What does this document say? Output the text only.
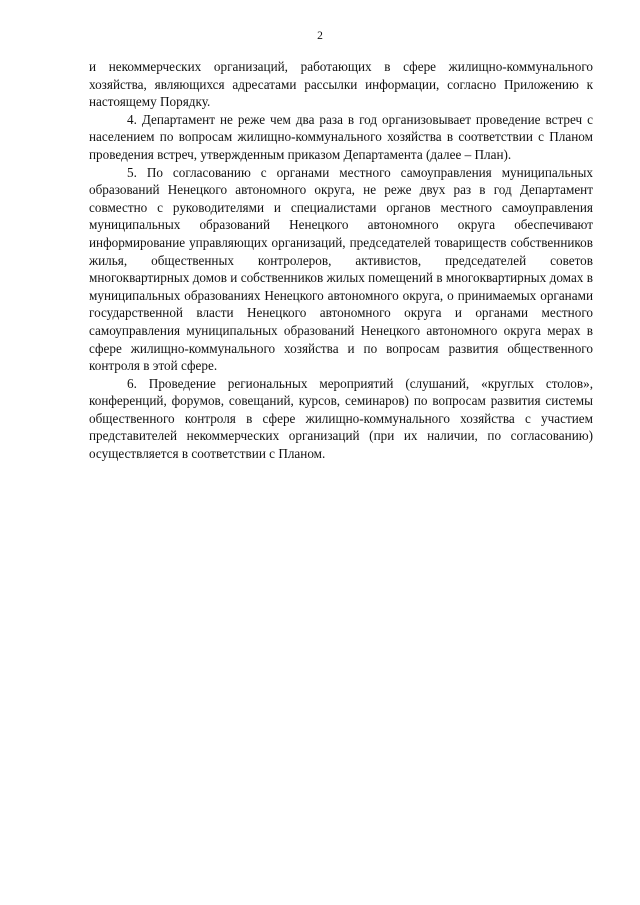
2

и некоммерческих организаций, работающих в сфере жилищно-коммунального хозяйства, являющихся адресатами рассылки информации, согласно Приложению к настоящему Порядку.

4. Департамент не реже чем два раза в год организовывает проведение встреч с населением по вопросам жилищно-коммунального хозяйства в соответствии с Планом проведения встреч, утвержденным приказом Департамента (далее – План).

5. По согласованию с органами местного самоуправления муниципальных образований Ненецкого автономного округа, не реже двух раз в год Департамент совместно с руководителями и специалистами органов местного самоуправления муниципальных образований Ненецкого автономного округа обеспечивают информирование управляющих организаций, председателей товариществ собственников жилья, общественных контролеров, активистов, председателей советов многоквартирных домов и собственников жилых помещений в многоквартирных домах в муниципальных образованиях Ненецкого автономного округа, о принимаемых органами государственной власти Ненецкого автономного округа и органами местного самоуправления муниципальных образований Ненецкого автономного округа мерах в сфере жилищно-коммунального хозяйства и по вопросам развития общественного контроля в этой сфере.

6. Проведение региональных мероприятий (слушаний, «круглых столов», конференций, форумов, совещаний, курсов, семинаров) по вопросам развития системы общественного контроля в сфере жилищно-коммунального хозяйства с участием представителей некоммерческих организаций (при их наличии, по согласованию) осуществляется в соответствии с Планом.
